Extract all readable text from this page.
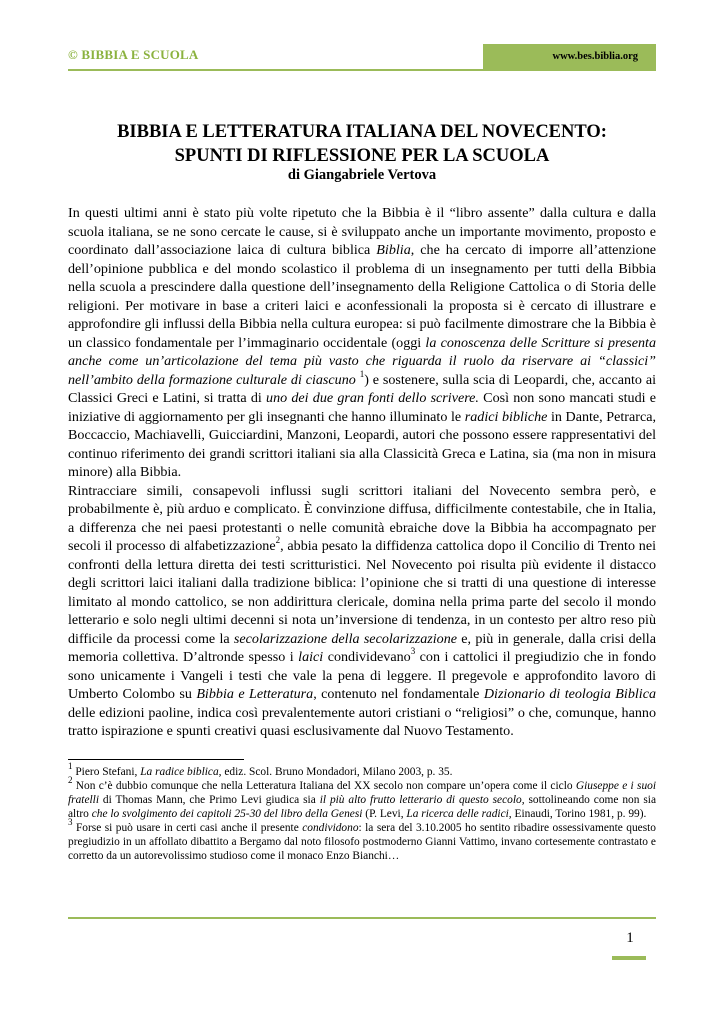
© BIBBIA E SCUOLA	www.bes.biblia.org
BIBBIA E LETTERATURA ITALIANA DEL NOVECENTO:
SPUNTI DI RIFLESSIONE PER LA SCUOLA
di Giangabriele Vertova

In questi ultimi anni è stato più volte ripetuto che la Bibbia è il “libro assente” dalla cultura e dalla scuola italiana, se ne sono cercate le cause, si è sviluppato anche un importante movimento, proposto e coordinato dall’associazione laica di cultura biblica Biblia, che ha cercato di imporre all’attenzione dell’opinione pubblica e del mondo scolastico il problema di un insegnamento per tutti della Bibbia nella scuola a prescindere dalla questione dell’insegnamento della Religione Cattolica o di Storia delle religioni. Per motivare in base a criteri laici e aconfessionali la proposta si è cercato di illustrare e approfondire gli influssi della Bibbia nella cultura europea: si può facilmente dimostrare che la Bibbia è un classico fondamentale per l’immaginario occidentale (oggi la conoscenza delle Scritture si presenta anche come un’articolazione del tema più vasto che riguarda il ruolo da riservare ai “classici” nell’ambito della formazione culturale di ciascuno $^1$) e sostenere, sulla scia di Leopardi, che, accanto ai Classici Greci e Latini, si tratta di uno dei due gran fonti dello scrivere. Così non sono mancati studi e iniziative di aggiornamento per gli insegnanti che hanno illuminato le radici bibliche in Dante, Petrarca, Boccaccio, Machiavelli, Guicciardini, Manzoni, Leopardi, autori che possono essere rappresentativi del continuo riferimento dei grandi scrittori italiani sia alla Classicità Greca e Latina, sia (ma non in misura minore) alla Bibbia.

Rintracciare simili, consapevoli influssi sugli scrittori italiani del Novecento sembra però, e probabilmente è, più arduo e complicato. È convinzione diffusa, difficilmente contestabile, che in Italia, a differenza che nei paesi protestanti o nelle comunità ebraiche dove la Bibbia ha accompagnato per secoli il processo di alfabetizzazione$^2$, abbia pesato la diffidenza cattolica dopo il Concilio di Trento nei confronti della lettura diretta dei testi scritturistici. Nel Novecento poi risulta più evidente il distacco degli scrittori laici italiani dalla tradizione biblica: l’opinione che si tratti di una questione di interesse limitato al mondo cattolico, se non addirittura clericale, domina nella prima parte del secolo il mondo letterario e solo negli ultimi decenni si nota un’inversione di tendenza, in un contesto per altro reso più difficile da processi come la secolarizzazione della secolarizzazione e, più in generale, dalla crisi della memoria collettiva. D’altronde spesso i laici condividevano$^3$ con i cattolici il pregiudizio che in fondo sono unicamente i Vangeli i testi che vale la pena di leggere. Il pregevole e approfondito lavoro di Umberto Colombo su Bibbia e Letteratura, contenuto nel fondamentale Dizionario di teologia Biblica delle edizioni paoline, indica così prevalentemente autori cristiani o “religiosi” o che, comunque, hanno tratto ispirazione e spunti creativi quasi esclusivamente dal Nuovo Testamento.

$^1$ Piero Stefani, La radice biblica, ediz. Scol. Bruno Mondadori, Milano 2003, p. 35.

$^2$ Non c’è dubbio comunque che nella Letteratura Italiana del XX secolo non compare un’opera come il ciclo Giuseppe e i suoi fratelli di Thomas Mann, che Primo Levi giudica sia il più alto frutto letterario di questo secolo, sottolineando come non sia altro che lo svolgimento dei capitoli 25-30 del libro della Genesi (P. Levi, La ricerca delle radici, Einaudi, Torino 1981, p. 99).

$^3$ Forse si può usare in certi casi anche il presente condividono: la sera del 3.10.2005 ho sentito ribadire ossessivamente questo pregiudizio in un affollato dibattito a Bergamo dal noto filosofo postmoderno Gianni Vattimo, invano cortesemente contrastato e corretto da un autorevolissimo studioso come il monaco Enzo Bianchi…

1
